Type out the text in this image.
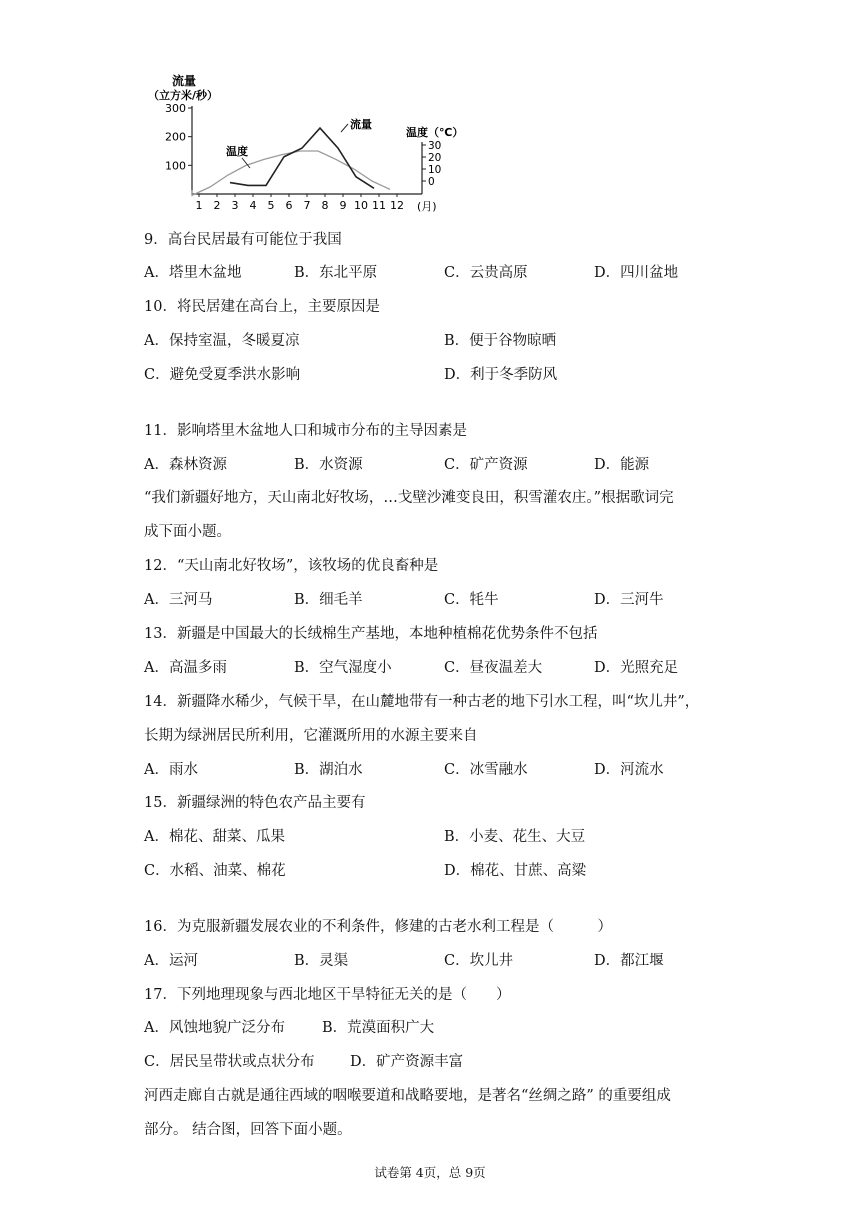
300
200
100
30
20
10
0
1 2 3 4 5 6 7 8 9 10 11 12
流量
（立方米/秒）
温度（℃）
流量
温度
(月)
9．高台民居最有可能位于我国
A．塔里木盆地	B．东北平原	C．云贵高原	D．四川盆地
10．将民居建在高台上，主要原因是
A．保持室温，冬暖夏凉	B．便于谷物晾晒
C．避免受夏季洪水影响	D．利于冬季防风
11．影响塔里木盆地人口和城市分布的主导因素是
A．森林资源	B．水资源	C．矿产资源	D．能源
“我们新疆好地方，天山南北好牧场，…戈壁沙滩变良田，积雪灌农庄。”根据歌词完
成下面小题。
12．“天山南北好牧场”，该牧场的优良畜种是
A．三河马	B．细毛羊	C．牦牛	D．三河牛
13．新疆是中国最大的长绒棉生产基地，本地种植棉花优势条件不包括
A．高温多雨	B．空气湿度小	C．昼夜温差大	D．光照充足
14．新疆降水稀少，气候干旱，在山麓地带有一种古老的地下引水工程，叫“坎儿井”，
长期为绿洲居民所利用，它灌溉所用的水源主要来自
A．雨水	B．湖泊水	C．冰雪融水	D．河流水
15．新疆绿洲的特色农产品主要有
A．棉花、甜菜、瓜果	B．小麦、花生、大豆
C．水稻、油菜、棉花	D．棉花、甘蔗、高粱
16．为克服新疆发展农业的不利条件，修建的古老水利工程是（　　　）
A．运河	B．灵渠	C．坎儿井	D．都江堰
17．下列地理现象与西北地区干旱特征无关的是（　　）
A．风蚀地貌广泛分布	B．荒漠面积广大
C．居民呈带状或点状分布 D．矿产资源丰富
河西走廊自古就是通往西域的咽喉要道和战略要地，是著名“丝绸之路” 的重要组成
部分。 结合图，回答下面小题。
试卷第 4页，总 9页
